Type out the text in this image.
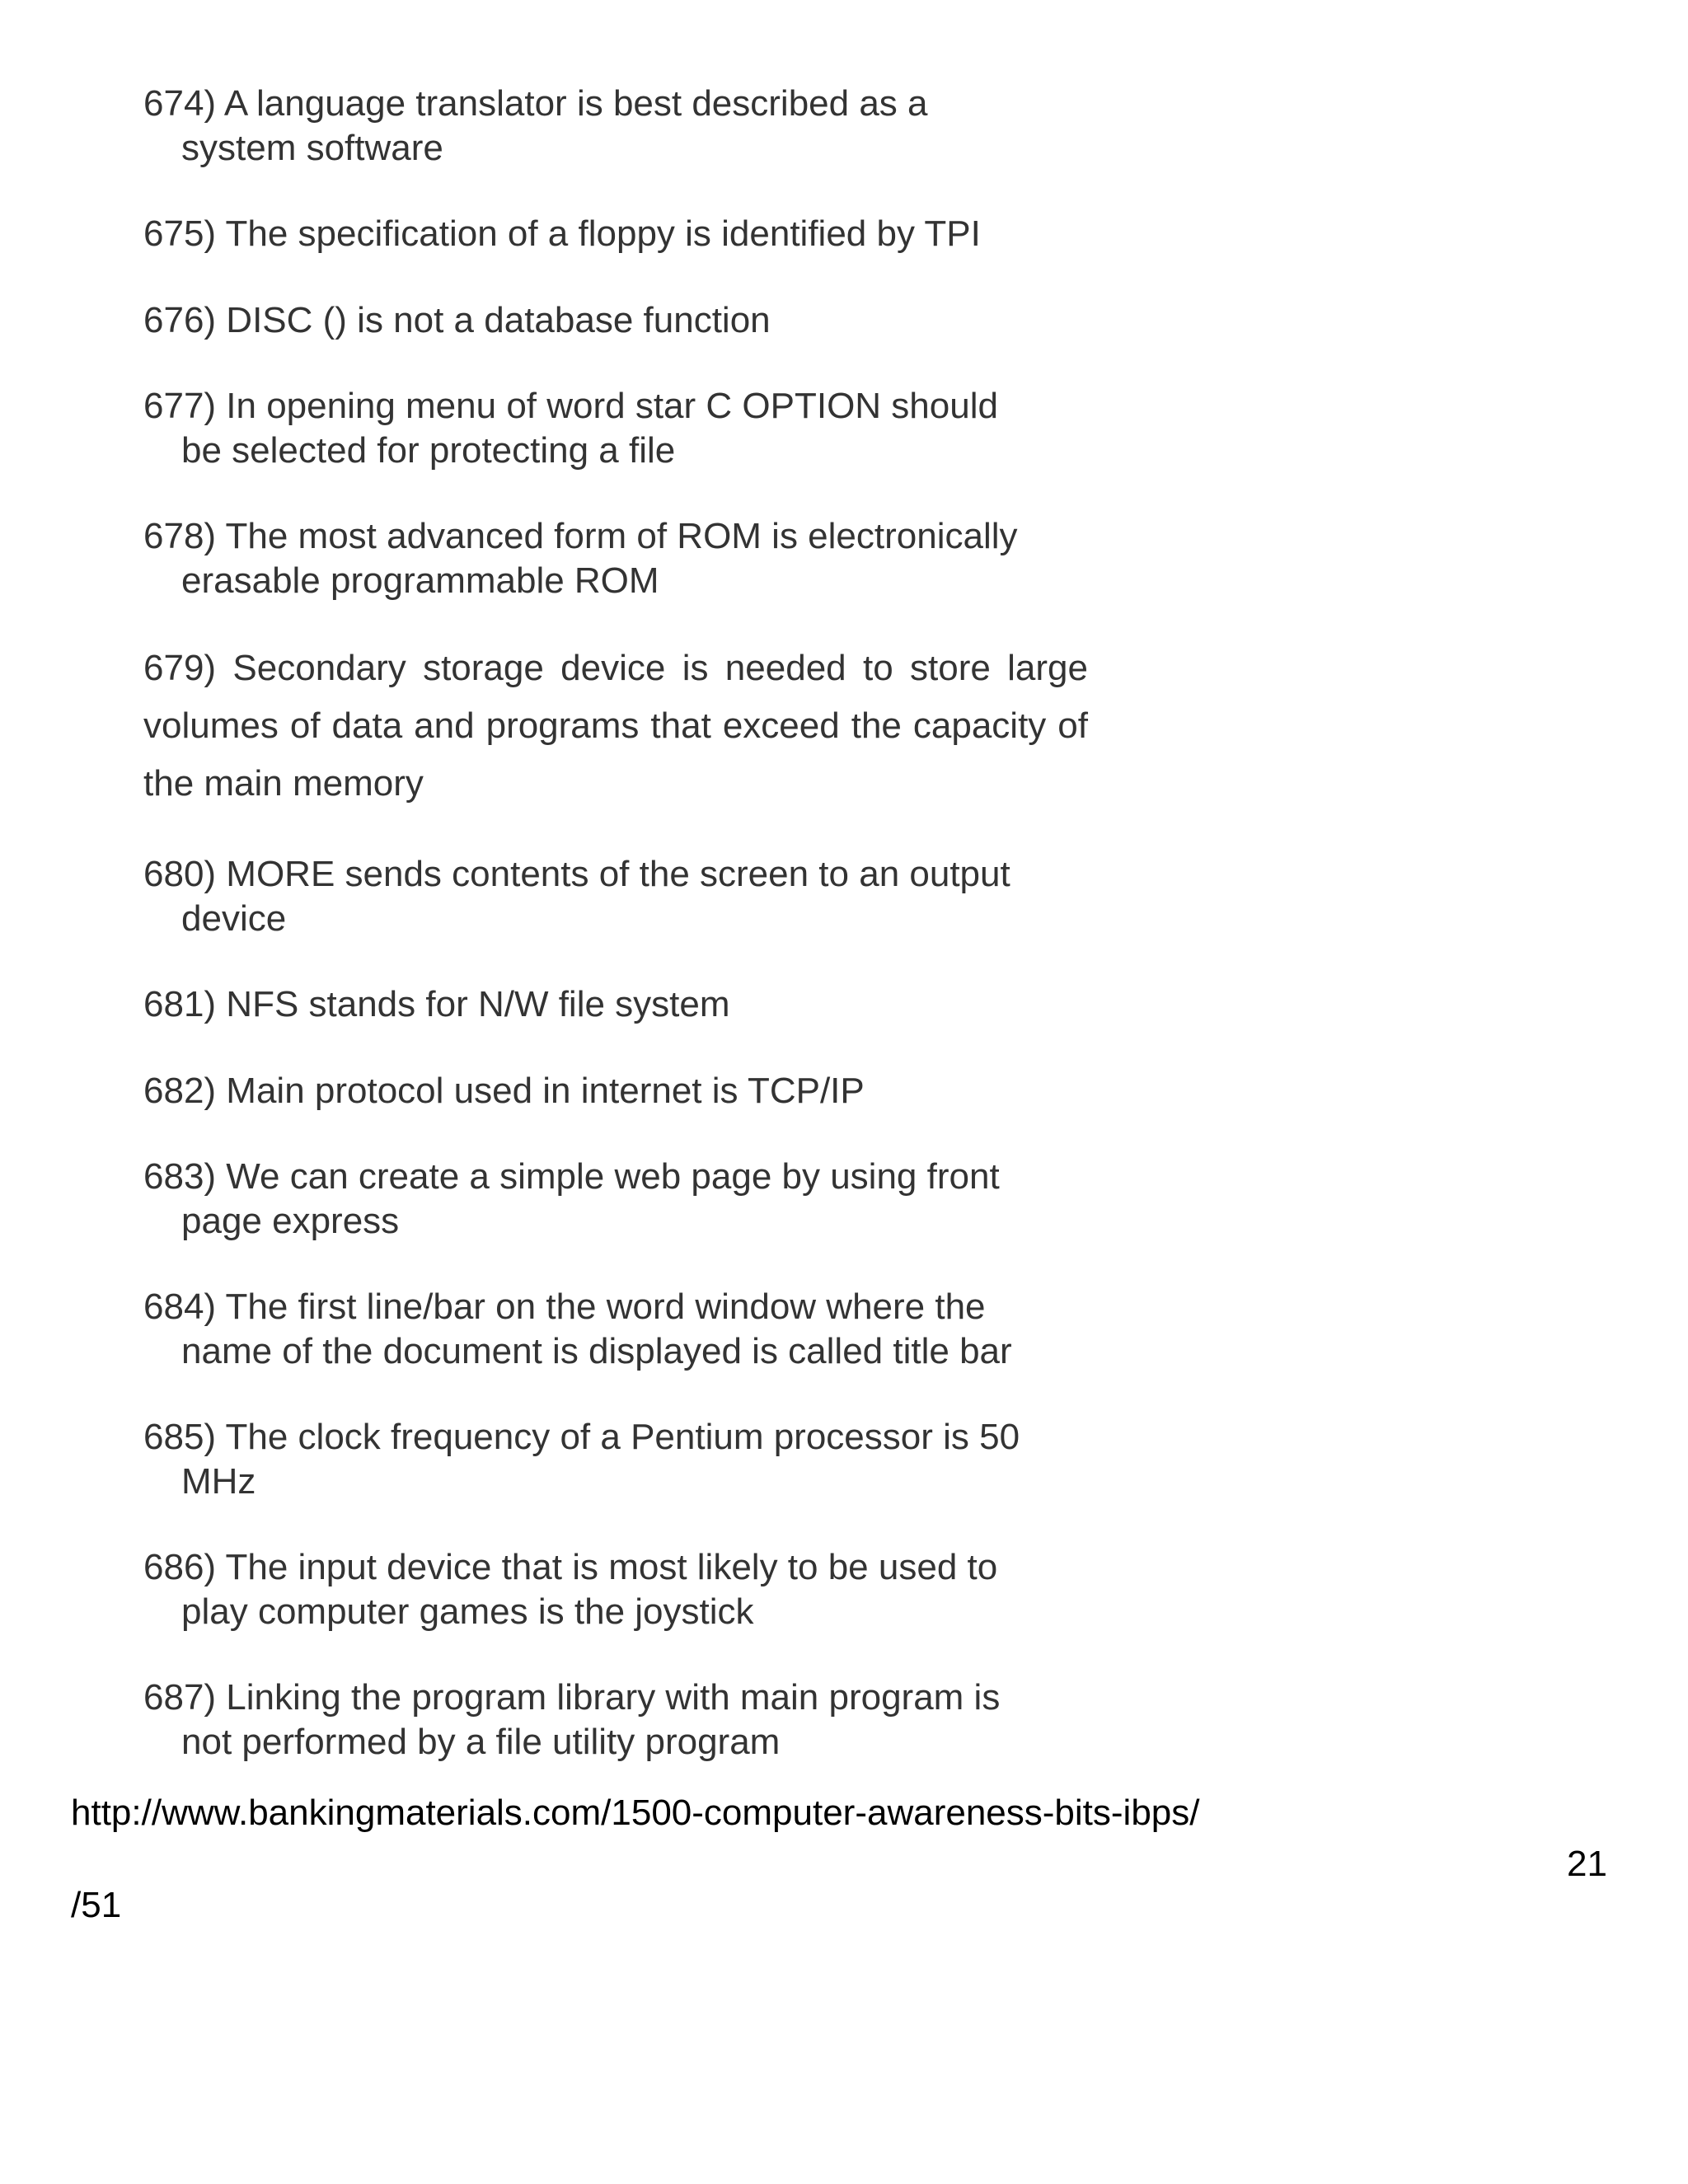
674) A language translator is best described as a
system software

675) The specification of a floppy is identified by TPI

676) DISC () is not a database function

677) In opening menu of word star C OPTION should
be selected for protecting a file

678) The most advanced form of ROM is electronically
erasable programmable ROM

679) Secondary storage device is needed to store large volumes of data and programs that exceed the capacity of the main memory

680) MORE sends contents of the screen to an output
device

681) NFS stands for N/W file system

682) Main protocol used in internet is TCP/IP

683) We can create a simple web page by using front
page express

684) The first line/bar on the word window where the
name of the document is displayed is called title bar

685) The clock frequency of a Pentium processor is 50
MHz

686) The input device that is most likely to be used to
play computer games is the joystick

687) Linking the program library with main program is
not performed by a file utility program

http://www.bankingmaterials.com/1500-computer-awareness-bits-ibps/
21
/51
